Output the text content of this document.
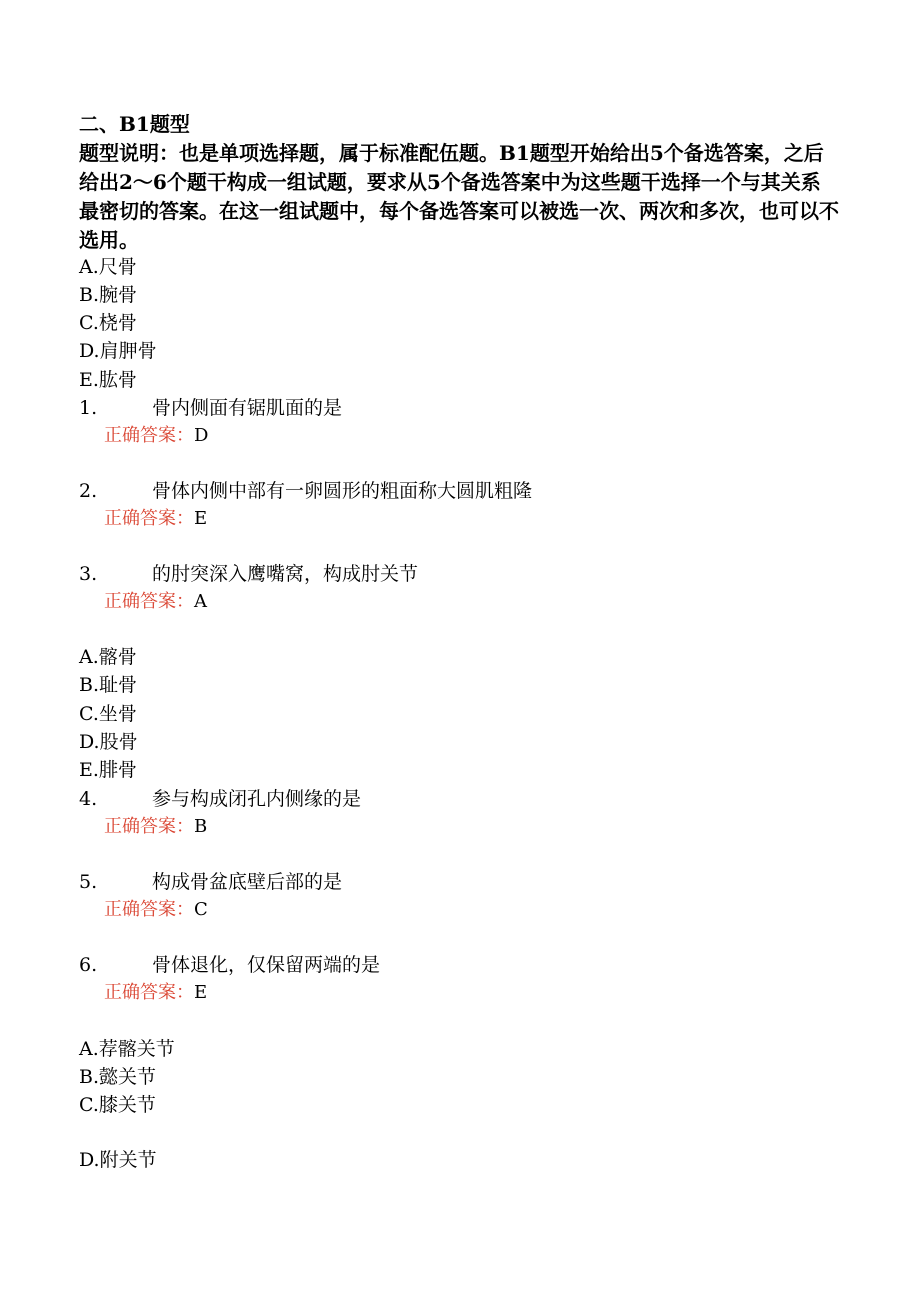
二、B1题型
题型说明：也是单项选择题，属于标准配伍题。B1题型开始给出5个备选答案，之后给出2～6个题干构成一组试题，要求从5个备选答案中为这些题干选择一个与其关系最密切的答案。在这一组试题中，每个备选答案可以被选一次、两次和多次，也可以不选用。
A.尺骨
B.腕骨
C.桡骨
D.肩胛骨
E.肱骨
1.	骨内侧面有锯肌面的是
正确答案：D
2.	骨体内侧中部有一卵圆形的粗面称大圆肌粗隆
正确答案：E
3.	的肘突深入鹰嘴窝，构成肘关节
正确答案：A
A.髂骨
B.耻骨
C.坐骨
D.股骨
E.腓骨
4.	参与构成闭孔内侧缘的是
正确答案：B
5.	构成骨盆底壁后部的是
正确答案：C
6.	骨体退化，仅保留两端的是
正确答案：E
A.荐髂关节
B.懿关节
C.膝关节
D.附关节
